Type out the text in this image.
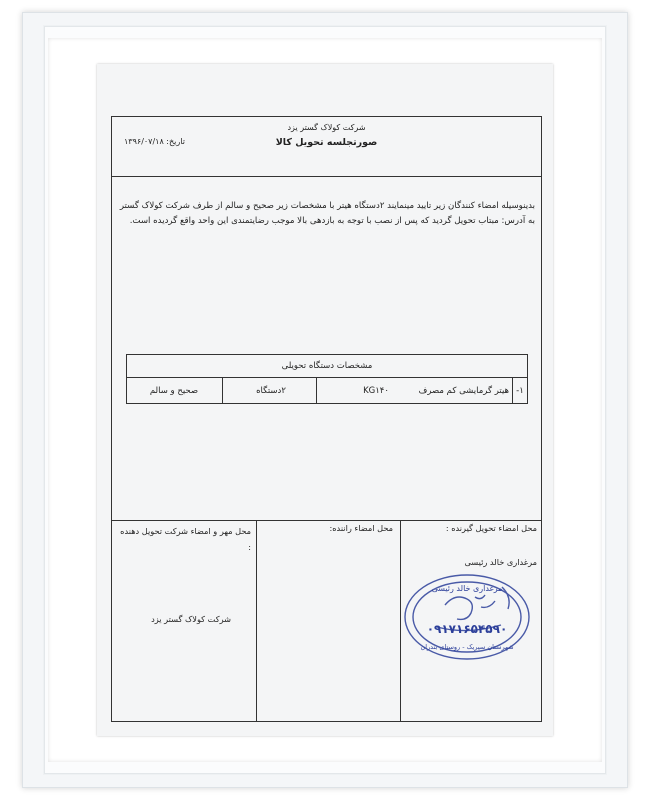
شرکت کولاک گستر یزد
صورتجلسه تحویل کالا
تاریخ: ۱۳۹۶/۰۷/۱۸
بدینوسیله امضاء کنندگان زیر تایید مینمایند ۲دستگاه هیتر با مشخصات زیر صحیح و سالم از طرف شرکت کولاک گستر به آدرس: مبتاب تحویل گردید که پس از نصب با توجه به بازدهی بالا موجب رضایتمندی این واحد واقع گردیده است.
مشخصات دستگاه تحویلی
۱-
هیتر گرمایشی کم مصرف
KG۱۴۰
۲دستگاه
صحیح و سالم
محل امضاء تحویل گیرنده :
مرغداری خالد رئیسی
محل امضاء راننده:
محل مهر و امضاء شرکت تحویل دهنده :
شرکت کولاک گستر یزد
۰۹۱۷۱۶۵۴۵۹۰
مرغداری خالد رئیسی
شهرستان سیریک - روستای بندران
